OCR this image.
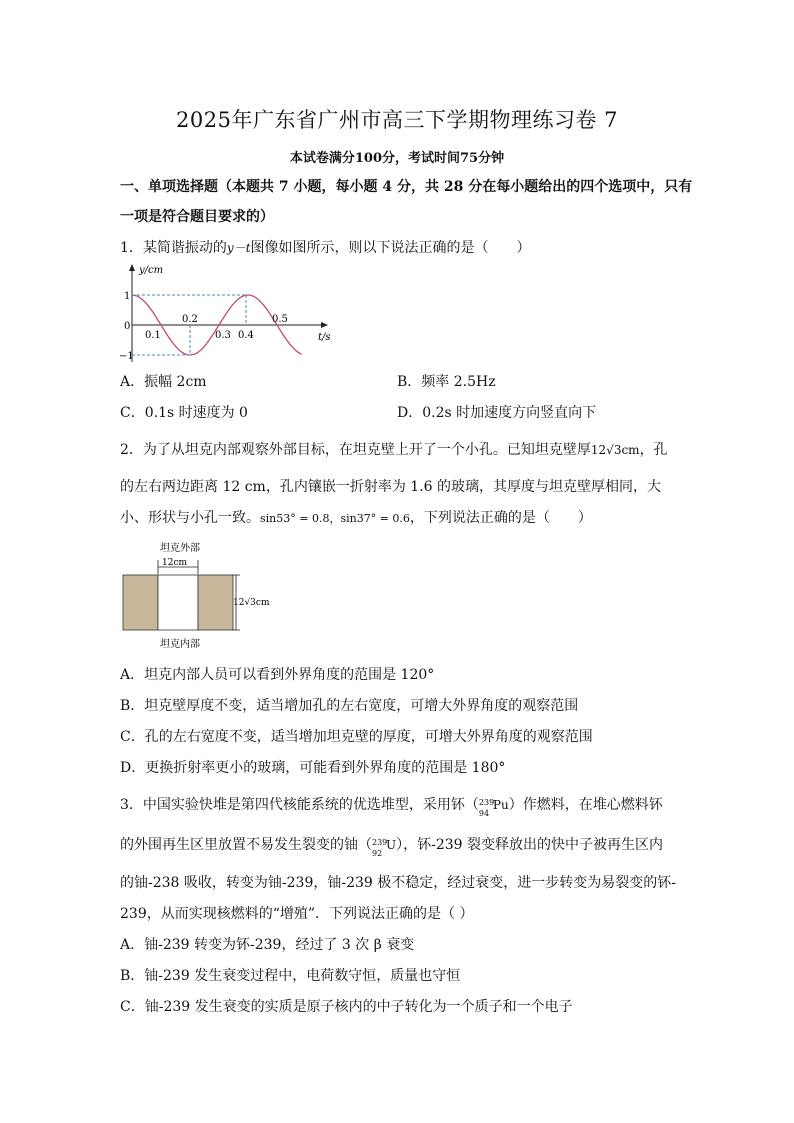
2025年广东省广州市高三下学期物理练习卷 7
本试卷满分100分，考试时间75分钟
一、单项选择题（本题共 7 小题，每小题 4 分，共 28 分在每小题给出的四个选项中，只有
一项是符合题目要求的）
1．某简谐振动的y－t图像如图所示，则以下说法正确的是（　　）
y/cm
t/s
1
0
−1
0.1	0.3 0.4
0.2	0.5
A．振幅 2cm	B．频率 2.5Hz
C．0.1s 时速度为 0	D．0.2s 时加速度方向竖直向下
2．为了从坦克内部观察外部目标，在坦克壁上开了一个小孔。已知坦克壁厚12√3cm，孔
的左右两边距离 12 cm，孔内镶嵌一折射率为 1.6 的玻璃，其厚度与坦克壁厚相同，大
小、形状与小孔一致。sin53° = 0.8，sin37° = 0.6，下列说法正确的是（　　）
坦克外部
12cm
12√3cm
坦克内部
A．坦克内部人员可以看到外界角度的范围是 120°
B．坦克壁厚度不变，适当增加孔的左右宽度，可增大外界角度的观察范围
C．孔的左右宽度不变，适当增加坦克壁的厚度，可增大外界角度的观察范围
D．更换折射率更小的玻璃，可能看到外界角度的范围是 180°
3．中国实验快堆是第四代核能系统的优选堆型，采用钚（ 239
94
Pu）作燃料，在堆心燃料钚
的外围再生区里放置不易发生裂变的铀（ 239
92
U），钚-239 裂变释放出的快中子被再生区内
的铀-238 吸收，转变为铀-239，铀-239 极不稳定，经过衰变，进一步转变为易裂变的钚-
239，从而实现核燃料的“增殖”．下列说法正确的是（ ）
A．铀-239 转变为钚-239，经过了 3 次 β 衰变
B．铀-239 发生衰变过程中，电荷数守恒，质量也守恒
C．铀-239 发生衰变的实质是原子核内的中子转化为一个质子和一个电子
